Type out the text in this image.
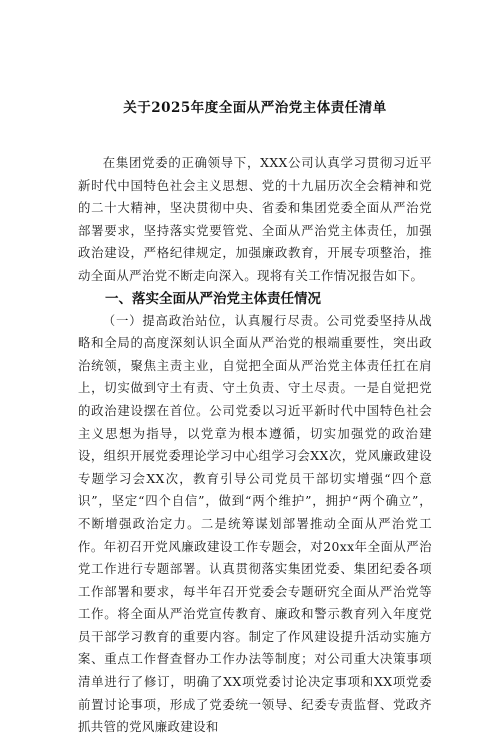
关于2025年度全面从严治党主体责任清单

在集团党委的正确领导下，XXX公司认真学习贯彻习近平新时代中国特色社会主义思想、党的十九届历次全会精神和党的二十大精神，坚决贯彻中央、省委和集团党委全面从严治党部署要求，坚持落实党要管党、全面从严治党主体责任，加强政治建设，严格纪律规定，加强廉政教育，开展专项整治，推动全面从严治党不断走向深入。现将有关工作情况报告如下。

一、落实全面从严治党主体责任情况

（一）提高政治站位，认真履行尽责。公司党委坚持从战略和全局的高度深刻认识全面从严治党的根端重要性，突出政治统领，聚焦主责主业，自觉把全面从严治党主体责任扛在肩上，切实做到守土有责、守土负责、守土尽责。一是自觉把党的政治建设摆在首位。公司党委以习近平新时代中国特色社会主义思想为指导，以党章为根本遵循，切实加强党的政治建设，组织开展党委理论学习中心组学习会XX次，党风廉政建设专题学习会XX次，教育引导公司党员干部切实增强“四个意识”，坚定“四个自信”，做到“两个维护”，拥护“两个确立”，不断增强政治定力。二是统筹谋划部署推动全面从严治党工作。年初召开党风廉政建设工作专题会，对20xx年全面从严治党工作进行专题部署。认真贯彻落实集团党委、集团纪委各项工作部署和要求，每半年召开党委会专题研究全面从严治党等工作。将全面从严治党宣传教育、廉政和警示教育列入年度党员干部学习教育的重要内容。制定了作风建设提升活动实施方案、重点工作督查督办工作办法等制度；对公司重大决策事项清单进行了修订，明确了XX项党委讨论决定事项和XX项党委前置讨论事项，形成了党委统一领导、纪委专责监督、党政齐抓共管的党风廉政建设和
